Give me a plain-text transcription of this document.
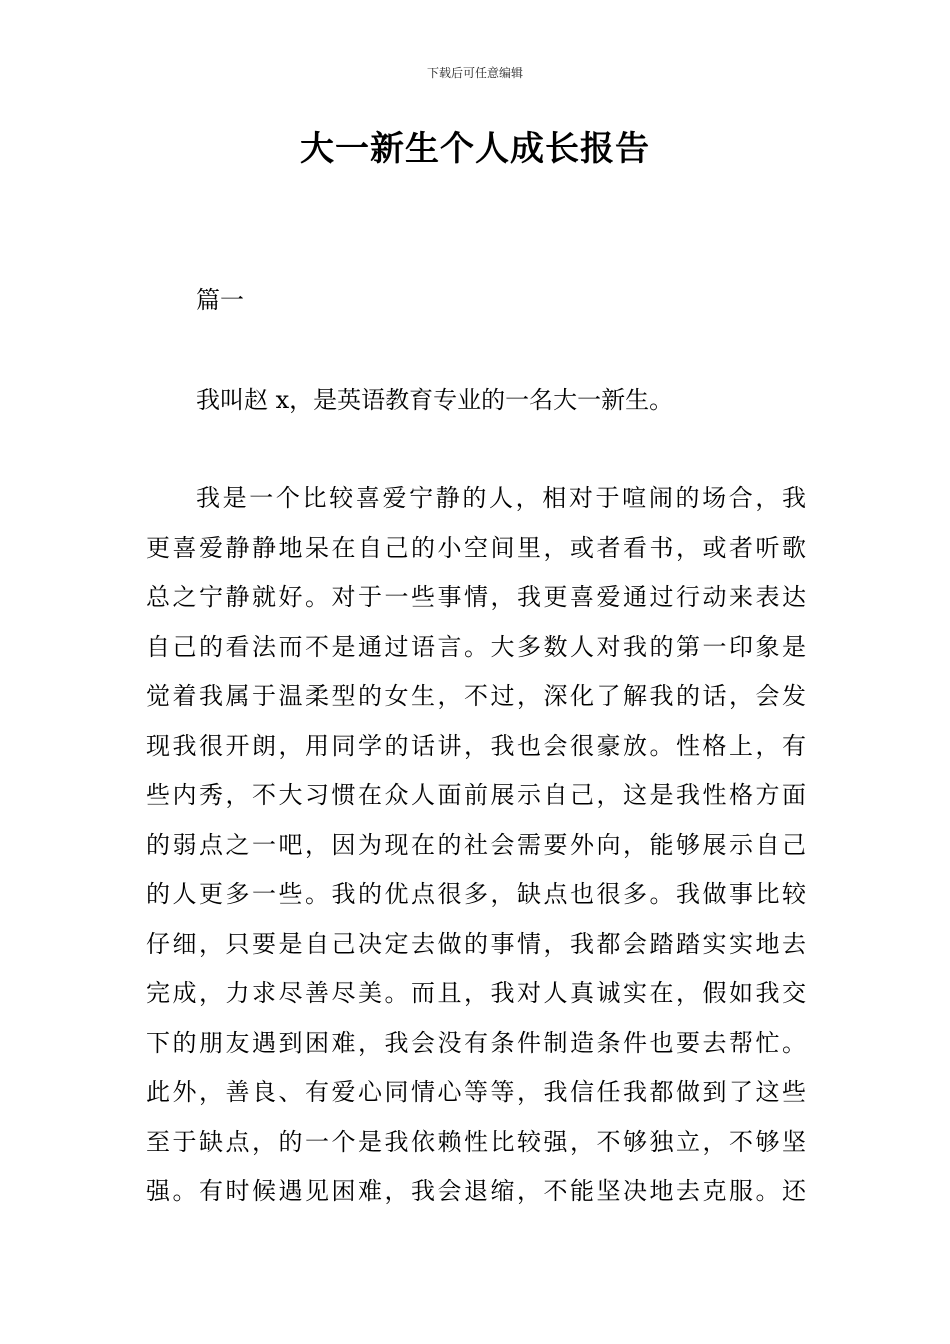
下载后可任意编辑
大一新生个人成长报告

篇一

我叫赵 x，是英语教育专业的一名大一新生。

我是一个比较喜爱宁静的人，相对于喧闹的场合，我
更喜爱静静地呆在自己的小空间里，或者看书，或者听歌
总之宁静就好。对于一些事情，我更喜爱通过行动来表达
自己的看法而不是通过语言。大多数人对我的第一印象是
觉着我属于温柔型的女生，不过，深化了解我的话，会发
现我很开朗，用同学的话讲，我也会很豪放。性格上，有
些内秀，不大习惯在众人面前展示自己，这是我性格方面
的弱点之一吧，因为现在的社会需要外向，能够展示自己
的人更多一些。我的优点很多，缺点也很多。我做事比较
仔细，只要是自己决定去做的事情，我都会踏踏实实地去
完成，力求尽善尽美。而且，我对人真诚实在，假如我交
下的朋友遇到困难，我会没有条件制造条件也要去帮忙。
此外，善良、有爱心同情心等等，我信任我都做到了这些
至于缺点，的一个是我依赖性比较强，不够独立，不够坚
强。有时候遇见困难，我会退缩，不能坚决地去克服。还
